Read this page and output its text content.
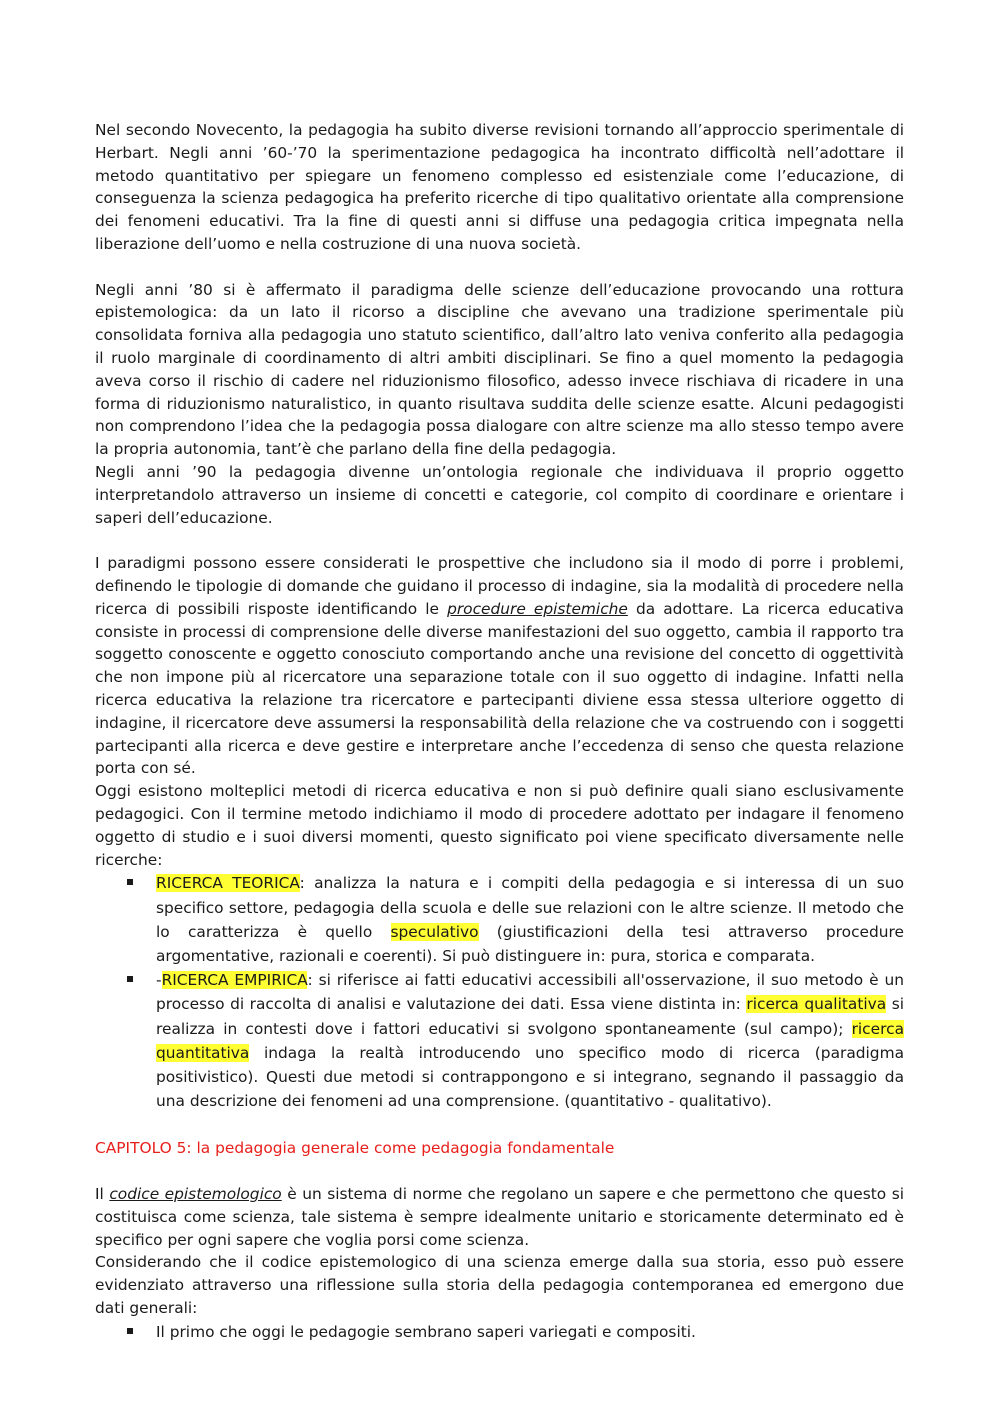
Nel secondo Novecento, la pedagogia ha subito diverse revisioni tornando all’approccio sperimentale di Herbart. Negli anni ’60-’70 la sperimentazione pedagogica ha incontrato difficoltà nell’adottare il metodo quantitativo per spiegare un fenomeno complesso ed esistenziale come l’educazione, di conseguenza la scienza pedagogica ha preferito ricerche di tipo qualitativo orientate alla comprensione dei fenomeni educativi. Tra la fine di questi anni si diffuse una pedagogia critica impegnata nella liberazione dell’uomo e nella costruzione di una nuova società.

Negli anni ’80 si è affermato il paradigma delle scienze dell’educazione provocando una rottura epistemologica: da un lato il ricorso a discipline che avevano una tradizione sperimentale più consolidata forniva alla pedagogia uno statuto scientifico, dall’altro lato veniva conferito alla pedagogia il ruolo marginale di coordinamento di altri ambiti disciplinari. Se fino a quel momento la pedagogia aveva corso il rischio di cadere nel riduzionismo filosofico, adesso invece rischiava di ricadere in una forma di riduzionismo naturalistico, in quanto risultava suddita delle scienze esatte. Alcuni pedagogisti non comprendono l’idea che la pedagogia possa dialogare con altre scienze ma allo stesso tempo avere la propria autonomia, tant’è che parlano della fine della pedagogia.

Negli anni ’90 la pedagogia divenne un’ontologia regionale che individuava il proprio oggetto interpretandolo attraverso un insieme di concetti e categorie, col compito di coordinare e orientare i saperi dell’educazione.

I paradigmi possono essere considerati le prospettive che includono sia il modo di porre i problemi, definendo le tipologie di domande che guidano il processo di indagine, sia la modalità di procedere nella ricerca di possibili risposte identificando le procedure epistemiche da adottare. La ricerca educativa consiste in processi di comprensione delle diverse manifestazioni del suo oggetto, cambia il rapporto tra soggetto conoscente e oggetto conosciuto comportando anche una revisione del concetto di oggettività che non impone più al ricercatore una separazione totale con il suo oggetto di indagine. Infatti nella ricerca educativa la relazione tra ricercatore e partecipanti diviene essa stessa ulteriore oggetto di indagine, il ricercatore deve assumersi la responsabilità della relazione che va costruendo con i soggetti partecipanti alla ricerca e deve gestire e interpretare anche l’eccedenza di senso che questa relazione porta con sé.

Oggi esistono molteplici metodi di ricerca educativa e non si può definire quali siano esclusivamente pedagogici. Con il termine metodo indichiamo il modo di procedere adottato per indagare il fenomeno oggetto di studio e i suoi diversi momenti, questo significato poi viene specificato diversamente nelle ricerche:

RICERCA TEORICA: analizza la natura e i compiti della pedagogia e si interessa di un suo specifico settore, pedagogia della scuola e delle sue relazioni con le altre scienze. Il metodo che lo caratterizza è quello speculativo (giustificazioni della tesi attraverso procedure argomentative, razionali e coerenti). Si può distinguere in: pura, storica e comparata.
-RICERCA EMPIRICA: si riferisce ai fatti educativi accessibili all'osservazione, il suo metodo è un processo di raccolta di analisi e valutazione dei dati. Essa viene distinta in: ricerca qualitativa si realizza in contesti dove i fattori educativi si svolgono spontaneamente (sul campo); ricerca quantitativa indaga la realtà introducendo uno specifico modo di ricerca (paradigma positivistico). Questi due metodi si contrappongono e si integrano, segnando il passaggio da una descrizione dei fenomeni ad una comprensione. (quantitativo - qualitativo).

CAPITOLO 5: la pedagogia generale come pedagogia fondamentale

Il codice epistemologico è un sistema di norme che regolano un sapere e che permettono che questo si costituisca come scienza, tale sistema è sempre idealmente unitario e storicamente determinato ed è specifico per ogni sapere che voglia porsi come scienza.

Considerando che il codice epistemologico di una scienza emerge dalla sua storia, esso può essere evidenziato attraverso una riflessione sulla storia della pedagogia contemporanea ed emergono due dati generali:

Il primo che oggi le pedagogie sembrano saperi variegati e compositi.
